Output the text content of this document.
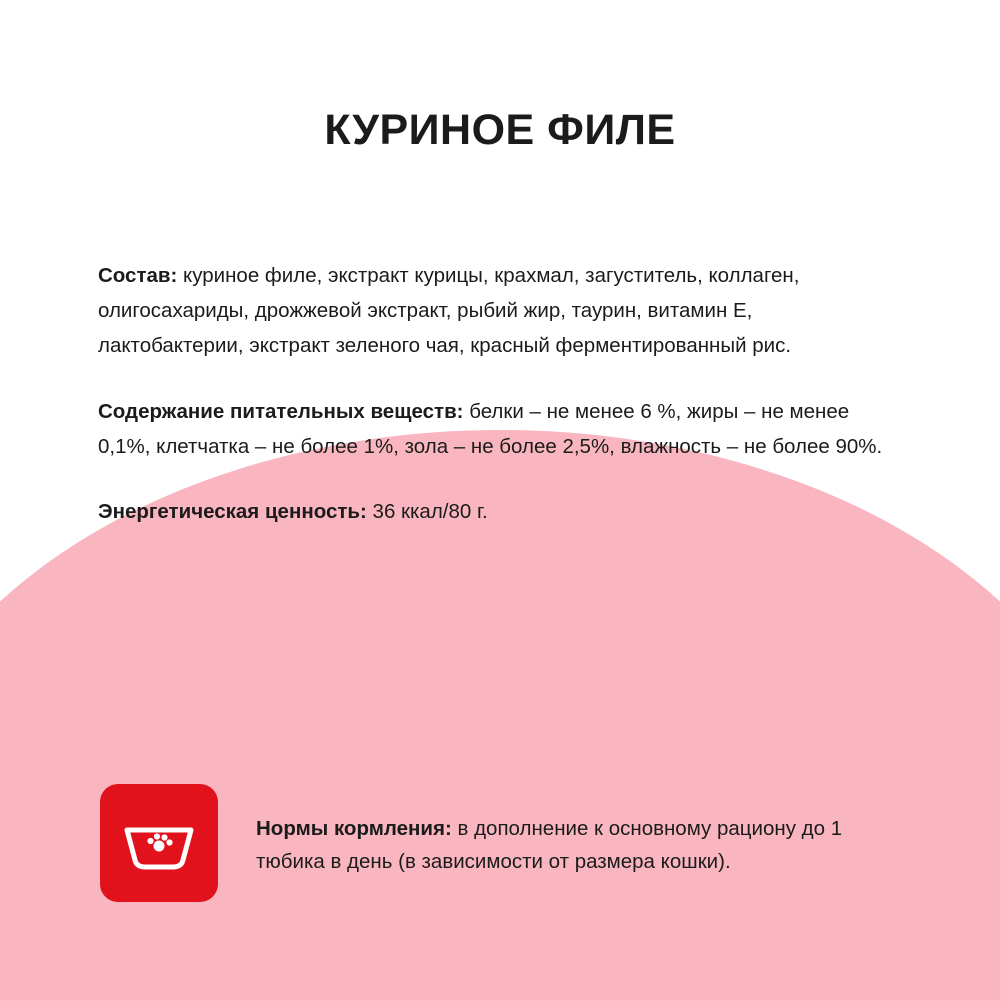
КУРИНОЕ ФИЛЕ

Состав: куриное филе, экстракт курицы, крахмал, загуститель, коллаген, олигосахариды, дрожжевой экстракт, рыбий жир, таурин, витамин Е, лактобактерии, экстракт зеленого чая, красный ферментированный рис.

Содержание питательных веществ: белки – не менее 6 %, жиры – не менее 0,1%, клетчатка – не более 1%, зола – не более 2,5%, влажность – не более 90%.

Энергетическая ценность: 36 ккал/80 г.

Нормы кормления: в дополнение к основному рациону до 1 тюбика в день (в зависимости от размера кошки).
